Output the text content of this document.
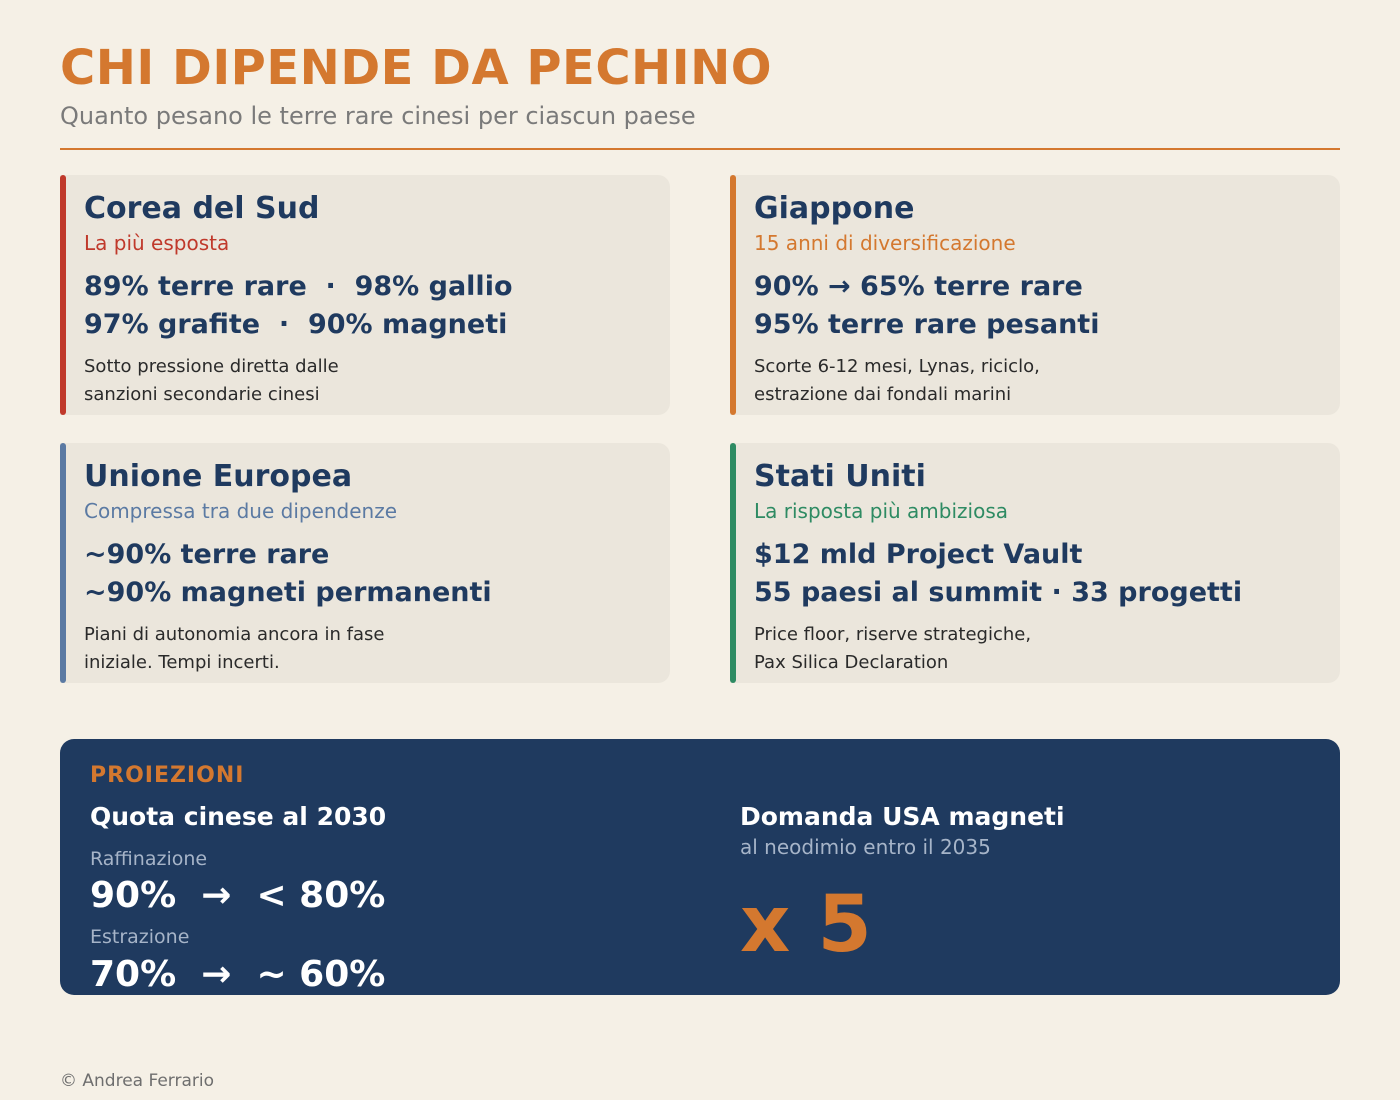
CHI DIPENDE DA PECHINO
Quanto pesano le terre rare cinesi per ciascun paese
Corea del Sud
La più esposta
89% terre rare  ·  98% gallio
97% grafite  ·  90% magneti
Sotto pressione diretta dalle
sanzioni secondarie cinesi
Giappone
15 anni di diversificazione
90% → 65% terre rare
95% terre rare pesanti
Scorte 6-12 mesi, Lynas, riciclo,
estrazione dai fondali marini
Unione Europea
Compressa tra due dipendenze
~90% terre rare
~90% magneti permanenti
Piani di autonomia ancora in fase
iniziale. Tempi incerti.
Stati Uniti
La risposta più ambiziosa
$12 mld Project Vault
55 paesi al summit · 33 progetti
Price floor, riserve strategiche,
Pax Silica Declaration
PROIEZIONI
Quota cinese al 2030
Raffinazione
90%  →  < 80%
Estrazione
70%  →  ~ 60%
Domanda USA magneti
al neodimio entro il 2035
x 5
© Andrea Ferrario
